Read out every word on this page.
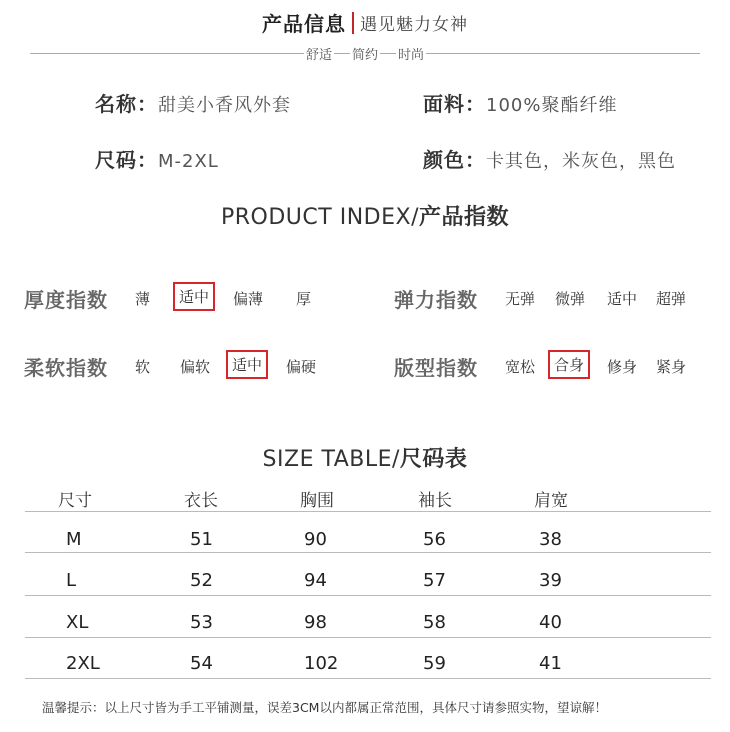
产品信息 遇见魅力女神
舒适 简约 时尚
名称：甜美小香风外套	面料：100%聚酯纤维
尺码：M-2XL	颜色：卡其色，米灰色，黑色
PRODUCT INDEX/产品指数
厚度指数 薄	适中	偏薄 厚	弹力指数 无弹 微弹 适中 超弹
柔软指数 软 偏软	适中	偏硬	版型指数 宽松	合身	修身 紧身
SIZE TABLE/尺码表
尺寸	衣长	胸围	袖长	肩宽
M	51	90	56	38
L	52	94	57	39
XL	53	98	58	40
2XL	54	102	59	41
温馨提示：以上尺寸皆为手工平铺测量，误差3CM以内都属正常范围，具体尺寸请参照实物，望谅解！
